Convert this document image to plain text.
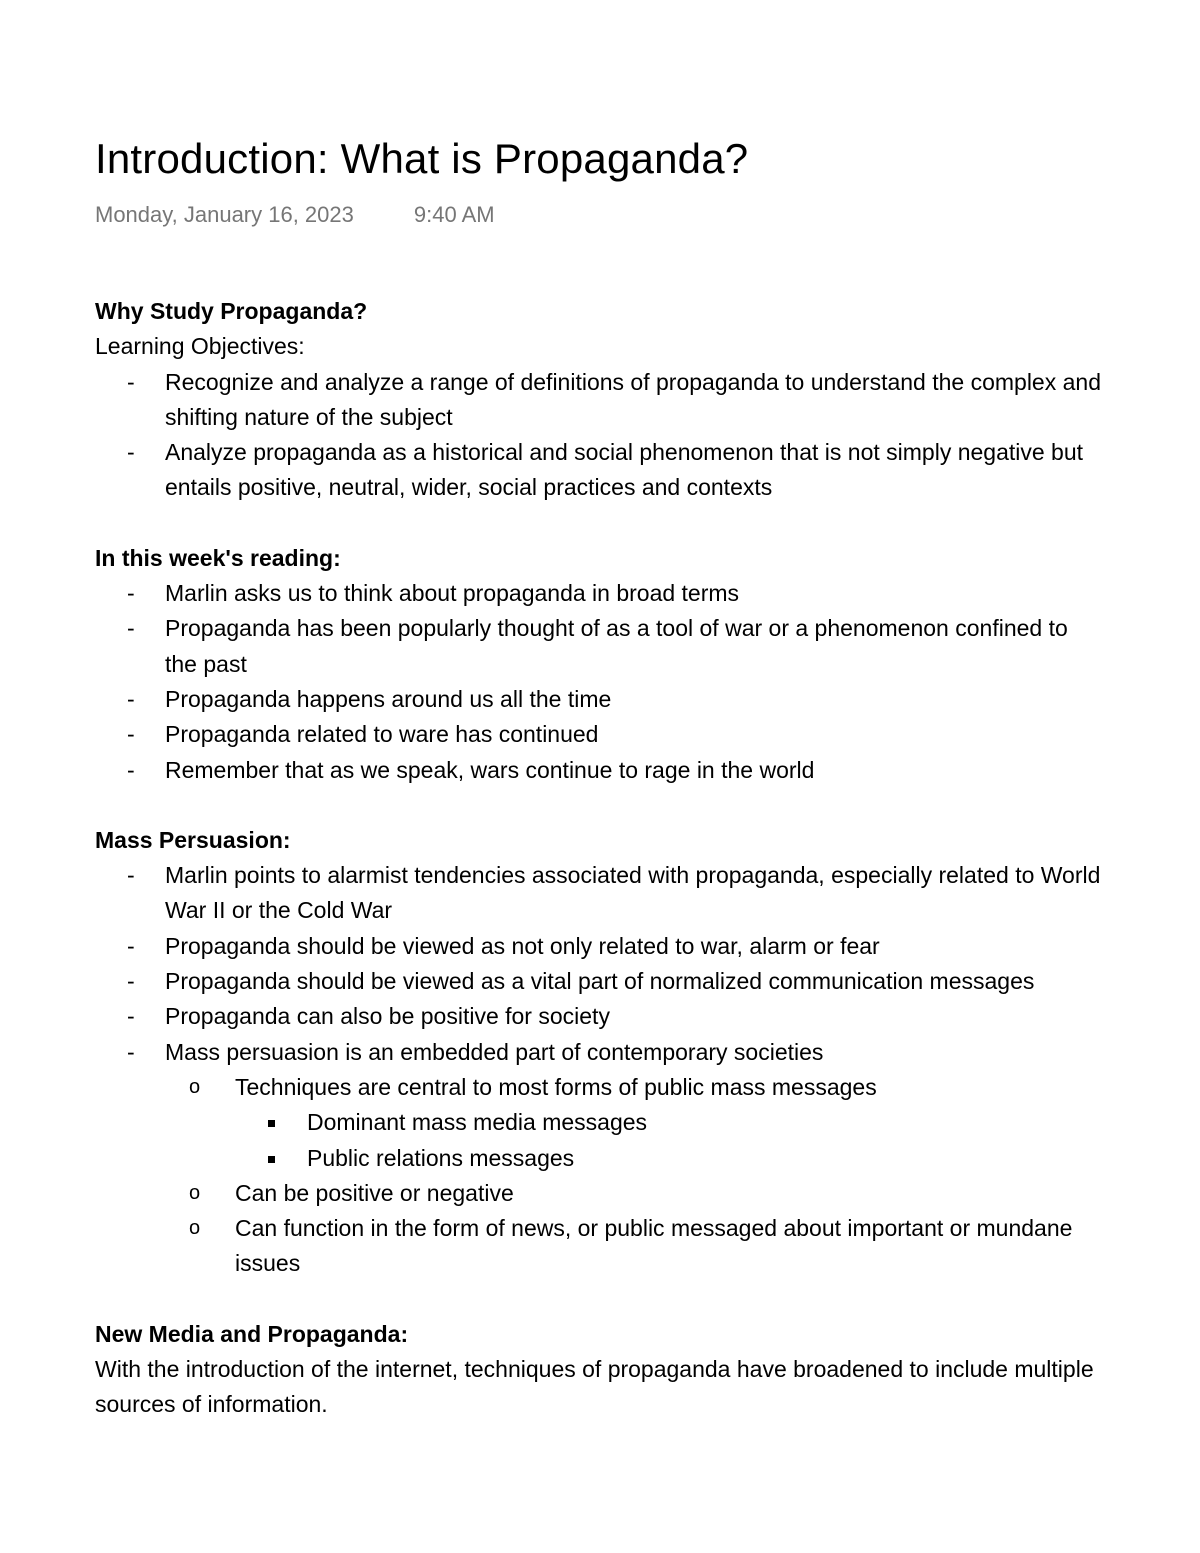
Introduction: What is Propaganda?
Monday, January 16, 2023	9:40 AM
Why Study Propaganda?
Learning Objectives:
- Recognize and analyze a range of definitions of propaganda to understand the complex and shifting nature of the subject
- Analyze propaganda as a historical and social phenomenon that is not simply negative but entails positive, neutral, wider, social practices and contexts
In this week's reading:
- Marlin asks us to think about propaganda in broad terms
- Propaganda has been popularly thought of as a tool of war or a phenomenon confined to the past
- Propaganda happens around us all the time
- Propaganda related to ware has continued
- Remember that as we speak, wars continue to rage in the world
Mass Persuasion:
- Marlin points to alarmist tendencies associated with propaganda, especially related to World War II or the Cold War
- Propaganda should be viewed as not only related to war, alarm or fear
- Propaganda should be viewed as a vital part of normalized communication messages
- Propaganda can also be positive for society
- Mass persuasion is an embedded part of contemporary societies
o Techniques are central to most forms of public mass messages
Dominant mass media messages
Public relations messages
o Can be positive or negative
o Can function in the form of news, or public messaged about important or mundane issues
New Media and Propaganda:
With the introduction of the internet, techniques of propaganda have broadened to include multiple sources of information.
